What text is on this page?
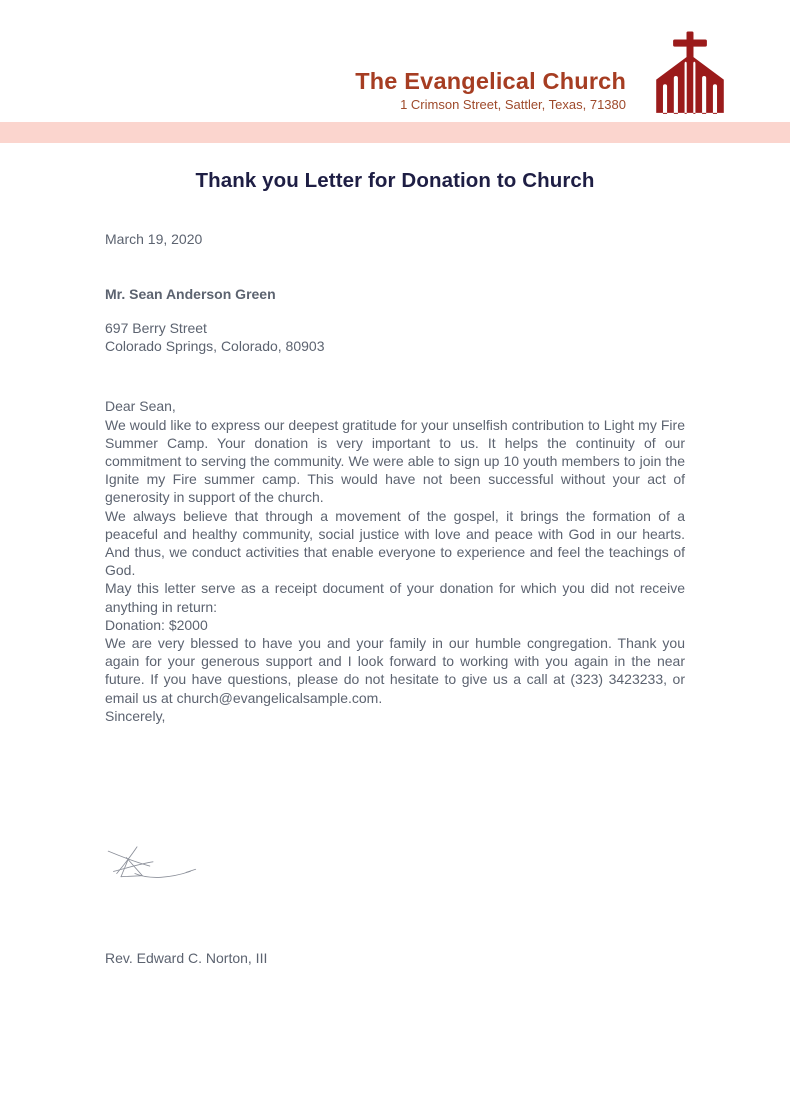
The Evangelical Church
1 Crimson Street, Sattler, Texas, 71380
Thank you Letter for Donation to Church

March 19, 2020

Mr. Sean Anderson Green

697 Berry Street
Colorado Springs, Colorado, 80903

Dear Sean,

We would like to express our deepest gratitude for your unselfish contribution to Light my Fire Summer Camp. Your donation is very important to us. It helps the continuity of our commitment to serving the community. We were able to sign up 10 youth members to join the Ignite my Fire summer camp. This would have not been successful without your act of generosity in support of the church.

We always believe that through a movement of the gospel, it brings the formation of a peaceful and healthy community, social justice with love and peace with God in our hearts. And thus, we conduct activities that enable everyone to experience and feel the teachings of God.

May this letter serve as a receipt document of your donation for which you did not receive anything in return:

Donation: $2000

We are very blessed to have you and your family in our humble congregation. Thank you again for your generous support and I look forward to working with you again in the near future. If you have questions, please do not hesitate to give us a call at (323) 3423233, or email us at church@evangelicalsample.com.

Sincerely,

Rev. Edward C. Norton, III
